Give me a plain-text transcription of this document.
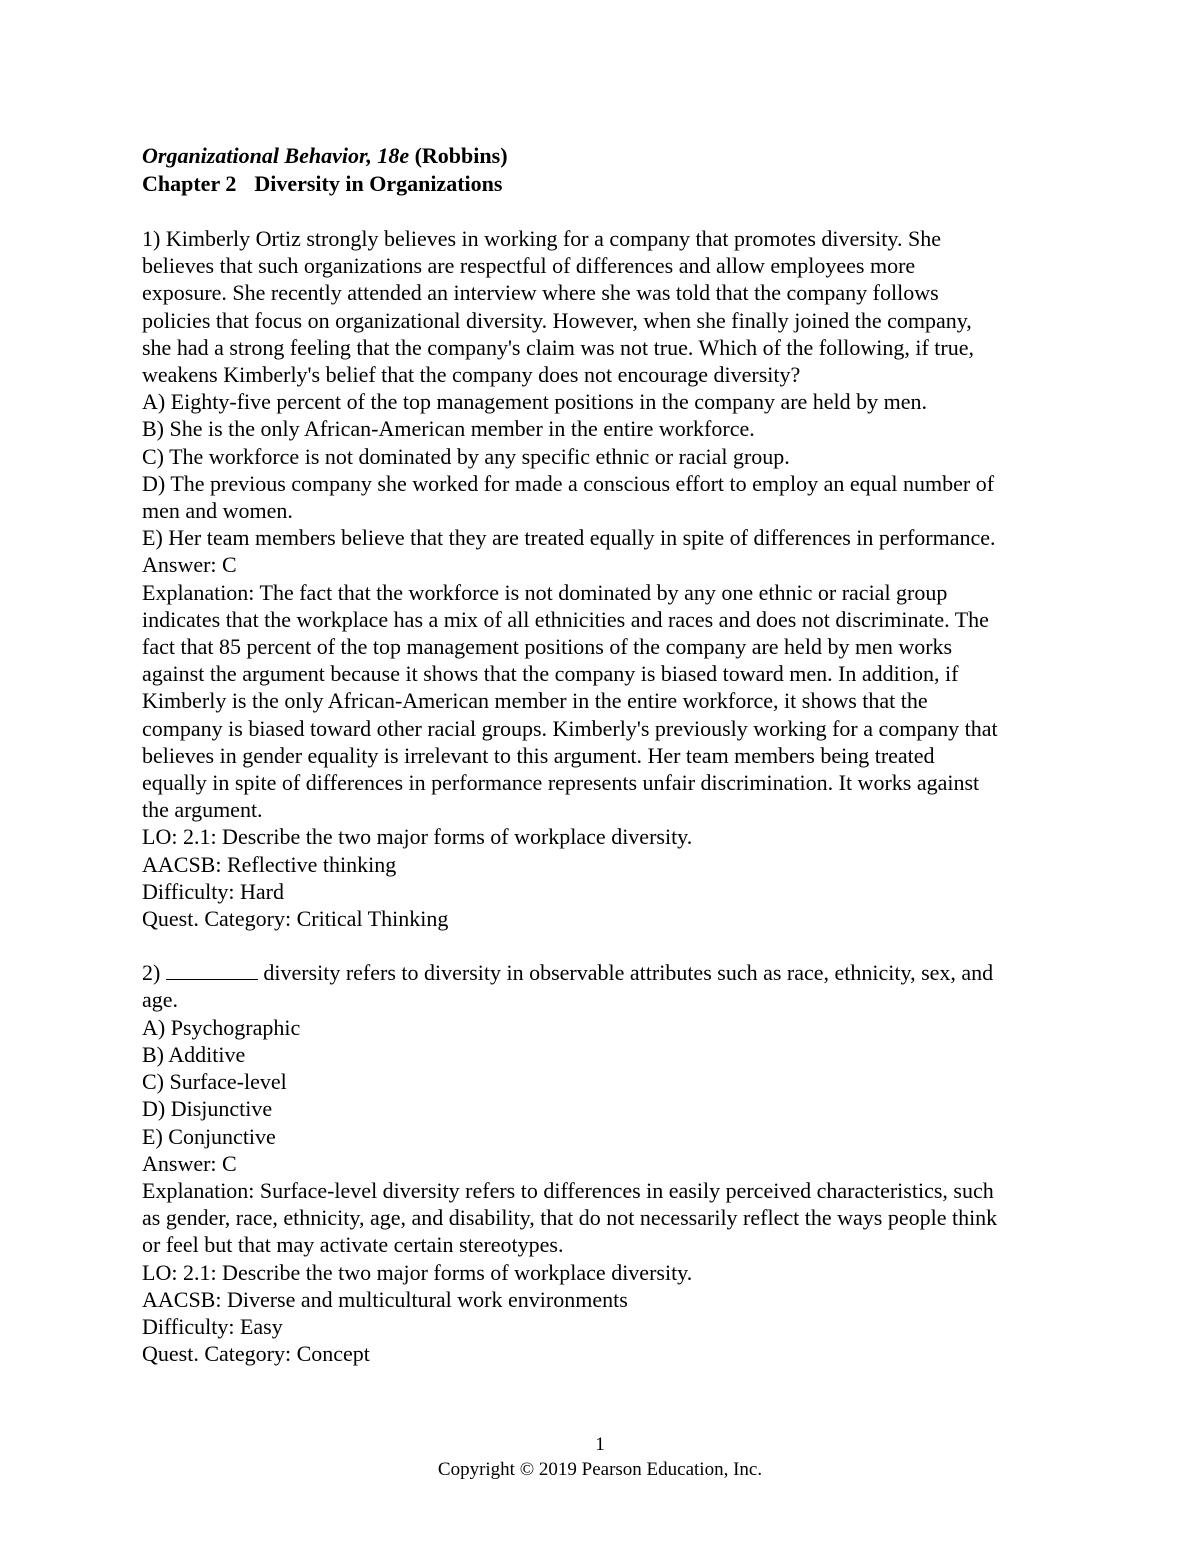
Organizational Behavior, 18e (Robbins)
Chapter 2 Diversity in Organizations
1) Kimberly Ortiz strongly believes in working for a company that promotes diversity. She
believes that such organizations are respectful of differences and allow employees more
exposure. She recently attended an interview where she was told that the company follows
policies that focus on organizational diversity. However, when she finally joined the company,
she had a strong feeling that the company's claim was not true. Which of the following, if true,
weakens Kimberly's belief that the company does not encourage diversity?
A) Eighty-five percent of the top management positions in the company are held by men.
B) She is the only African-American member in the entire workforce.
C) The workforce is not dominated by any specific ethnic or racial group.
D) The previous company she worked for made a conscious effort to employ an equal number of
men and women.
E) Her team members believe that they are treated equally in spite of differences in performance.
Answer: C
Explanation: The fact that the workforce is not dominated by any one ethnic or racial group
indicates that the workplace has a mix of all ethnicities and races and does not discriminate. The
fact that 85 percent of the top management positions of the company are held by men works
against the argument because it shows that the company is biased toward men. In addition, if
Kimberly is the only African-American member in the entire workforce, it shows that the
company is biased toward other racial groups. Kimberly's previously working for a company that
believes in gender equality is irrelevant to this argument. Her team members being treated
equally in spite of differences in performance represents unfair discrimination. It works against
the argument.
LO: 2.1: Describe the two major forms of workplace diversity.
AACSB: Reflective thinking
Difficulty: Hard
Quest. Category: Critical Thinking
2)	diversity refers to diversity in observable attributes such as race, ethnicity, sex, and
age.
A) Psychographic
B) Additive
C) Surface-level
D) Disjunctive
E) Conjunctive
Answer: C
Explanation: Surface-level diversity refers to differences in easily perceived characteristics, such
as gender, race, ethnicity, age, and disability, that do not necessarily reflect the ways people think
or feel but that may activate certain stereotypes.
LO: 2.1: Describe the two major forms of workplace diversity.
AACSB: Diverse and multicultural work environments
Difficulty: Easy
Quest. Category: Concept
1
Copyright © 2019 Pearson Education, Inc.
